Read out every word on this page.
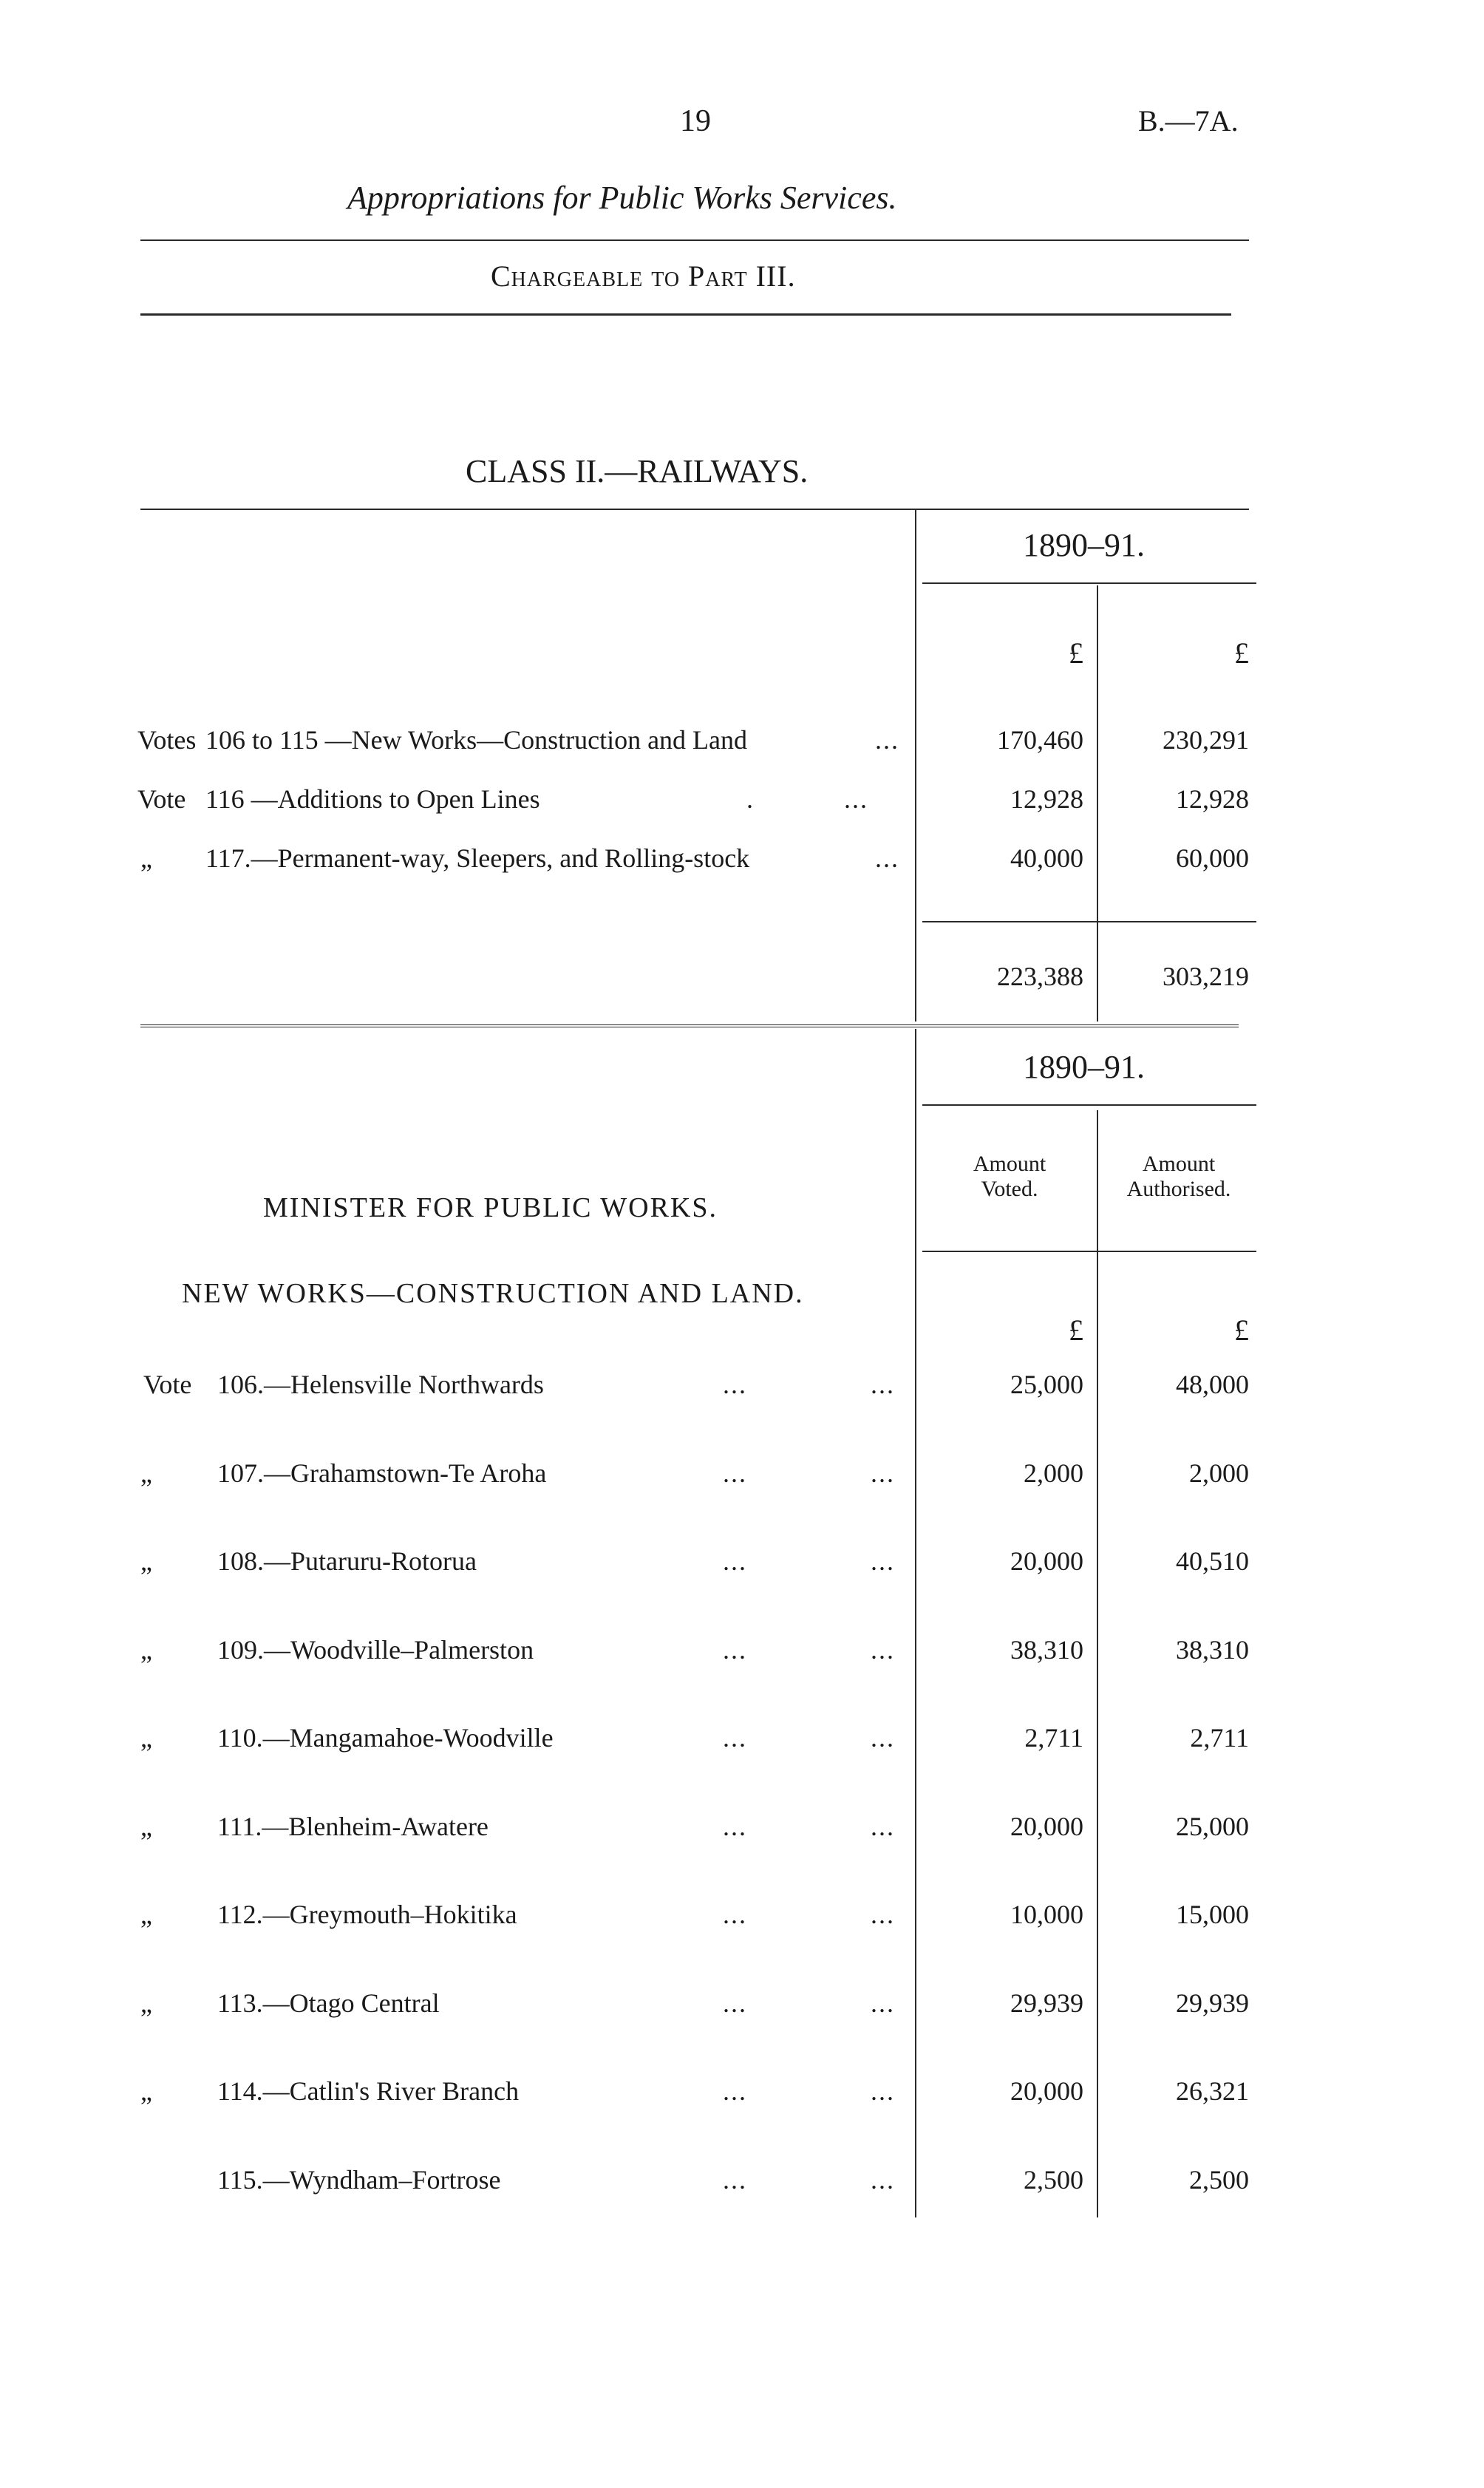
19	B.—7A.
Appropriations for Public Works Services.
Chargeable to Part III.
CLASS II.—RAILWAYS.
1890–91.
£	£
Votes 106 to 115 —New Works—Construction and Land	...	170,460	230,291
Vote 116 —Additions to Open Lines	. ...	12,928	12,928
„ 117.—Permanent-way, Sleepers, and Rolling-stock	...	40,000	60,000
223,388	303,219
1890–91.
Amount Voted.
Amount Authorised.
MINISTER FOR PUBLIC WORKS.
NEW WORKS—CONSTRUCTION AND LAND.
£	£
Vote 106.—Helensville Northwards	...	...	25,000	48,000
„ 107.—Grahamstown-Te Aroha	...	...	2,000	2,000
„ 108.—Putaruru-Rotorua	...	...	20,000	40,510
„ 109.—Woodville–Palmerston	...	...	38,310	38,310
„ 110.—Mangamahoe-Woodville	...	...	2,711	2,711
„ 111.—Blenheim-Awatere	...	...	20,000	25,000
„ 112.—Greymouth–Hokitika	...	...	10,000	15,000
„ 113.—Otago Central	...	...	29,939	29,939
„ 114.—Catlin's River Branch	...	...	20,000	26,321
115.—Wyndham–Fortrose	...	...	2,500	2,500
